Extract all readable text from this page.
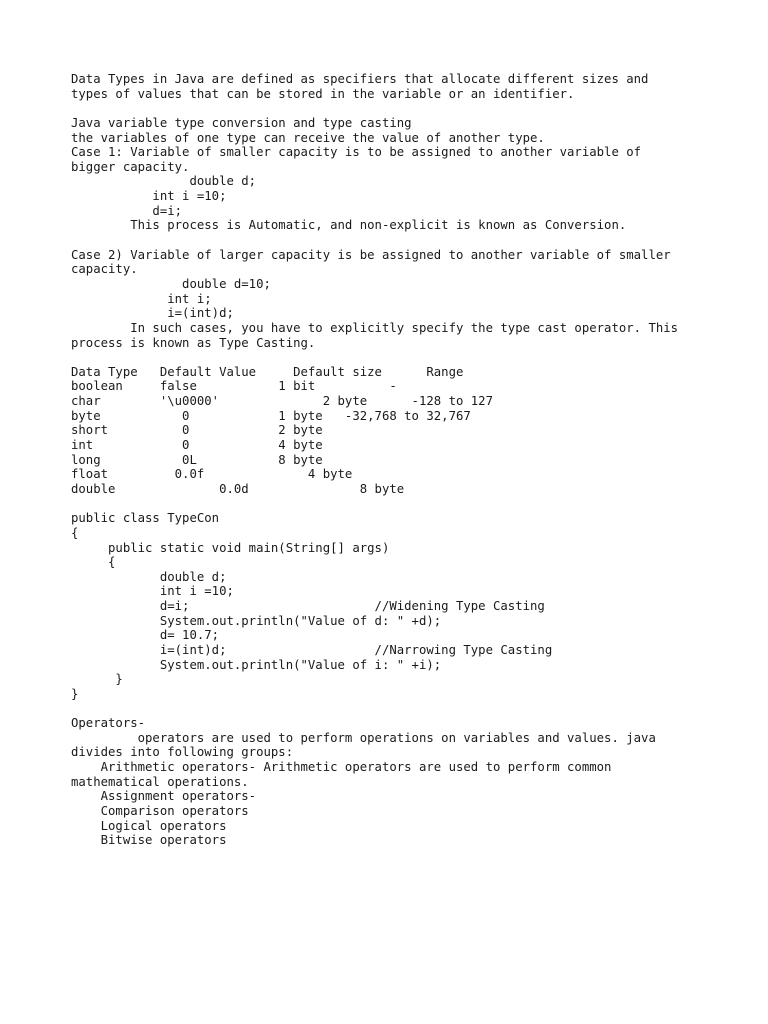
Data Types in Java are defined as specifiers that allocate different sizes and
types of values that can be stored in the variable or an identifier.

Java variable type conversion and type casting
the variables of one type can receive the value of another type.
Case 1: Variable of smaller capacity is to be assigned to another variable of
bigger capacity.
double d;
int i =10;
d=i;
This process is Automatic, and non-explicit is known as Conversion.

Case 2) Variable of larger capacity is be assigned to another variable of smaller
capacity.
double d=10;
int i;
i=(int)d;
In such cases, you have to explicitly specify the type cast operator. This
process is known as Type Casting.

Data Type   Default Value     Default size      Range
boolean     false           1 bit          -
char        '\u0000'              2 byte      -128 to 127
byte           0            1 byte   -32,768 to 32,767
short          0            2 byte
int            0            4 byte
long           0L           8 byte
float         0.0f              4 byte
double              0.0d               8 byte

public class TypeCon
{
public static void main(String[] args)
{
double d;
int i =10;
d=i;                         //Widening Type Casting
System.out.println("Value of d: " +d);
d= 10.7;
i=(int)d;                    //Narrowing Type Casting
System.out.println("Value of i: " +i);
}
}

Operators-
operators are used to perform operations on variables and values. java
divides into following groups:
Arithmetic operators- Arithmetic operators are used to perform common
mathematical operations.
Assignment operators-
Comparison operators
Logical operators
Bitwise operators
